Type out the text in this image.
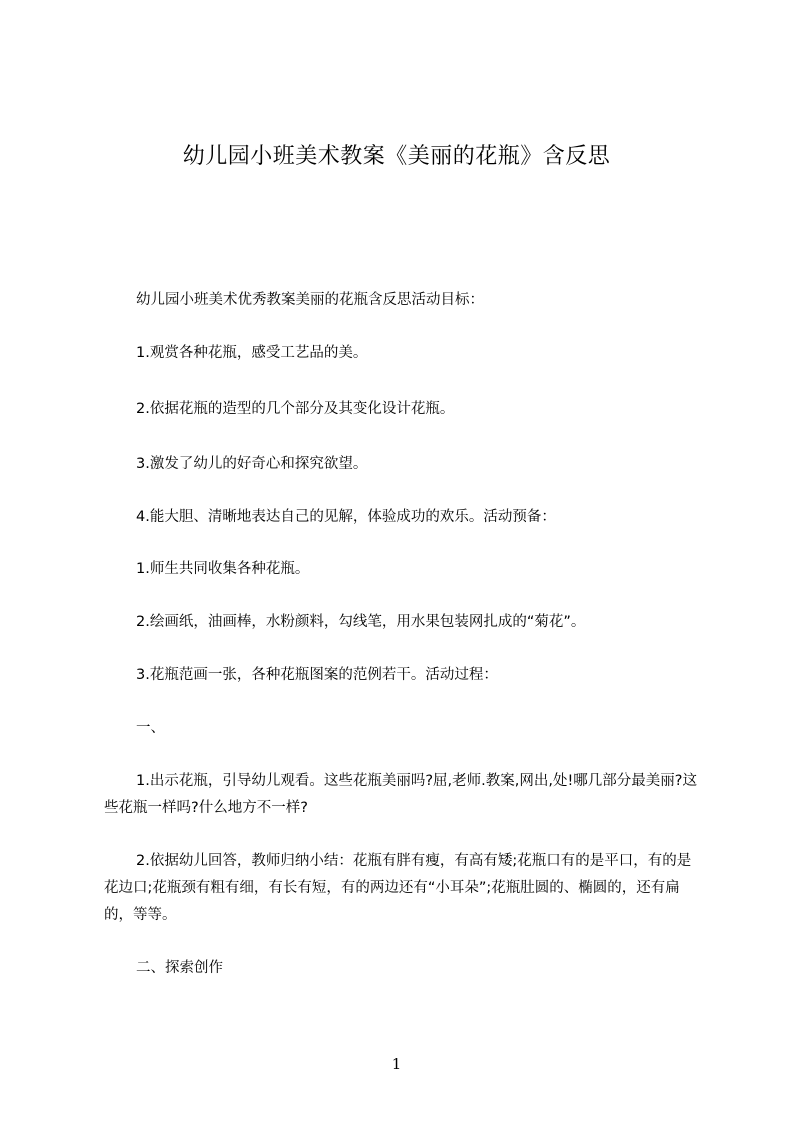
幼儿园小班美术教案《美丽的花瓶》含反思
幼儿园小班美术优秀教案美丽的花瓶含反思活动目标：
1.观赏各种花瓶，感受工艺品的美。
2.依据花瓶的造型的几个部分及其变化设计花瓶。
3.激发了幼儿的好奇心和探究欲望。
4.能大胆、清晰地表达自己的见解，体验成功的欢乐。活动预备：
1.师生共同收集各种花瓶。
2.绘画纸，油画棒，水粉颜料，勾线笔，用水果包装网扎成的“菊花”。
3.花瓶范画一张，各种花瓶图案的范例若干。活动过程：
一、
1.出示花瓶，引导幼儿观看。这些花瓶美丽吗?屈,老师.教案,网出,处!哪几部分最美丽?这些花瓶一样吗?什么地方不一样?
2.依据幼儿回答，教师归纳小结：花瓶有胖有瘦，有高有矮;花瓶口有的是平口，有的是花边口;花瓶颈有粗有细，有长有短，有的两边还有“小耳朵”;花瓶肚圆的、椭圆的，还有扁的，等等。
二、探索创作
1
